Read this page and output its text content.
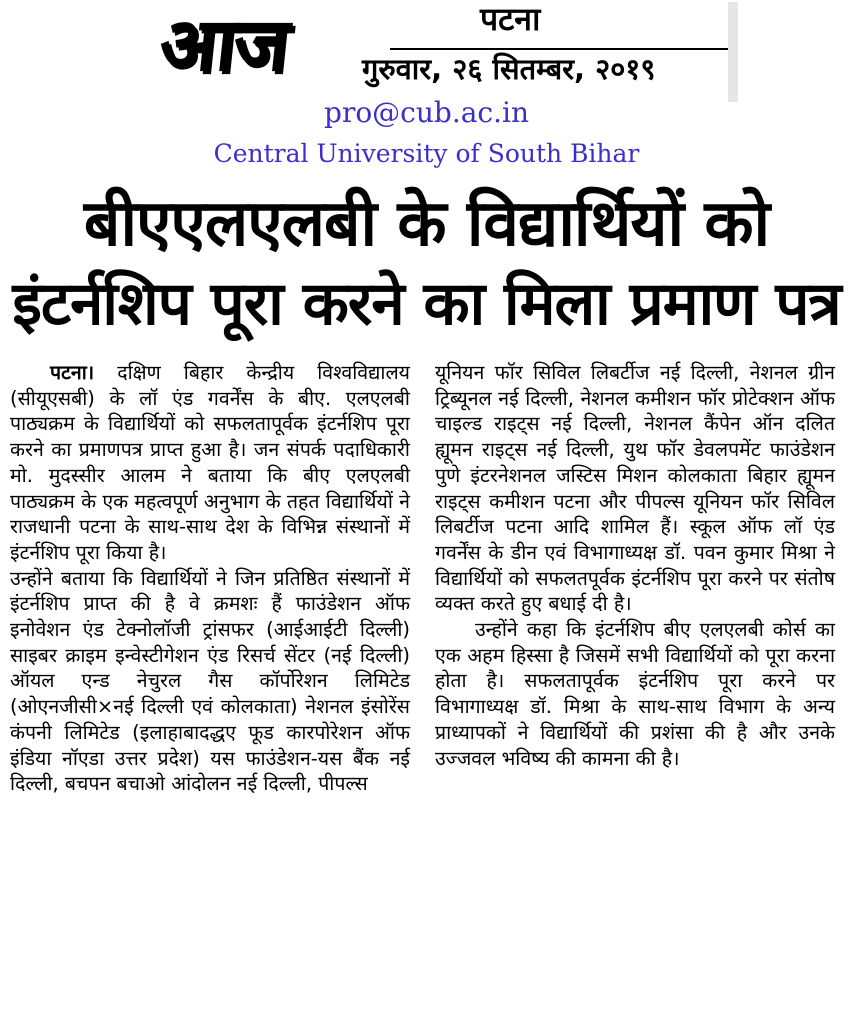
आज	पटना
गुरुवार, २६ सितम्बर, २०१९
pro@cub.ac.in
Central University of South Bihar
बीएएलएलबी के विद्यार्थियों को
इंटर्नशिप पूरा करने का मिला प्रमाण पत्र

पटना। दक्षिण बिहार केन्द्रीय विश्वविद्यालय (सीयूएसबी) के लॉ एंड गवर्नेंस के बीए. एलएलबी पाठ्यक्रम के विद्यार्थियों को सफलतापूर्वक इंटर्नशिप पूरा करने का प्रमाणपत्र प्राप्त हुआ है। जन संपर्क पदाधिकारी मो. मुदस्सीर आलम ने बताया कि बीए एलएलबी पाठ्यक्रम के एक महत्वपूर्ण अनुभाग के तहत विद्यार्थियों ने राजधानी पटना के साथ-साथ देश के विभिन्न संस्थानों में इंटर्नशिप पूरा किया है।

उन्होंने बताया कि विद्यार्थियों ने जिन प्रतिष्ठित संस्थानों में इंटर्नशिप प्राप्त की है वे क्रमशः हैं फाउंडेशन ऑफ इनोवेशन एंड टेक्नोलॉजी ट्रांसफर (आईआईटी दिल्ली) साइबर क्राइम इन्वेस्टीगेशन एंड रिसर्च सेंटर (नई दिल्ली) ऑयल एन्ड नेचुरल गैस कॉर्पोरेशन लिमिटेड (ओएनजीसी×नई दिल्ली एवं कोलकाता) नेशनल इंसोरेंस कंपनी लिमिटेड (इलाहाबादद्धए फूड कारपोरेशन ऑफ इंडिया नॉएडा उत्तर प्रदेश) यस फाउंडेशन-यस बैंक नई दिल्ली, बचपन बचाओ आंदोलन नई दिल्ली, पीपल्स

यूनियन फॉर सिविल लिबर्टीज नई दिल्ली, नेशनल ग्रीन ट्रिब्यूनल नई दिल्ली, नेशनल कमीशन फॉर प्रोटेक्शन ऑफ चाइल्ड राइट्स नई दिल्ली, नेशनल कैंपेन ऑन दलित ह्यूमन राइट्स नई दिल्ली, युथ फॉर डेवलपमेंट फाउंडेशन पुणे इंटरनेशनल जस्टिस मिशन कोलकाता बिहार ह्यूमन राइट्स कमीशन पटना और पीपल्स यूनियन फॉर सिविल लिबर्टीज पटना आदि शामिल हैं। स्कूल ऑफ लॉ एंड गवर्नेंस के डीन एवं विभागाध्यक्ष डॉ. पवन कुमार मिश्रा ने विद्यार्थियों को सफलतपूर्वक इंटर्नशिप पूरा करने पर संतोष व्यक्त करते हुए बधाई दी है।

उन्होंने कहा कि इंटर्नशिप बीए एलएलबी कोर्स का एक अहम हिस्सा है जिसमें सभी विद्यार्थियों को पूरा करना होता है। सफलतापूर्वक इंटर्नशिप पूरा करने पर विभागाध्यक्ष डॉ. मिश्रा के साथ-साथ विभाग के अन्य प्राध्यापकों ने विद्यार्थियों की प्रशंसा की है और उनके उज्जवल भविष्य की कामना की है।
